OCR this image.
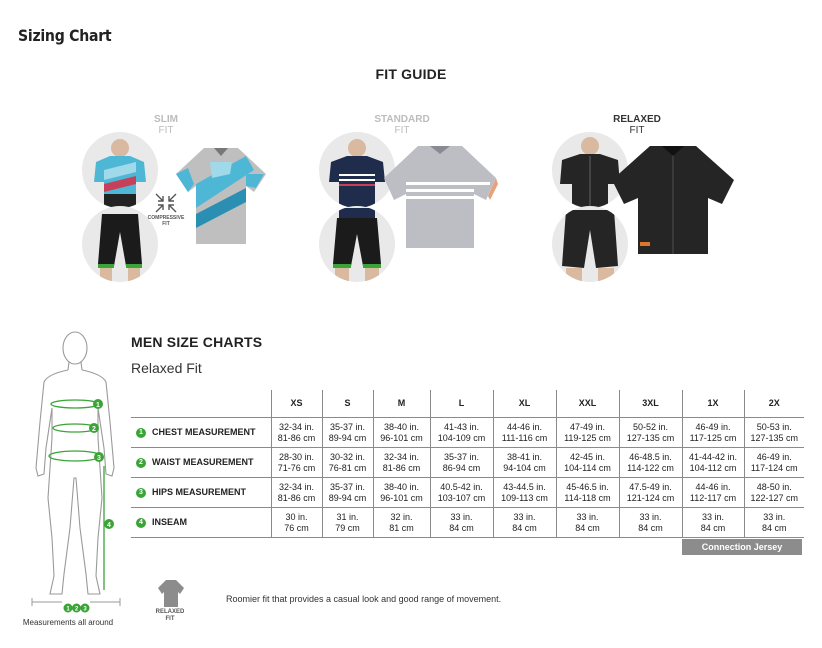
Sizing Chart
FIT GUIDE
SLIM
FIT
STANDARD
FIT
RELAXED
FIT
COMPRESSIVE
FIT
1
2
3
4
1 2 3
Measurements all around
MEN SIZE CHARTS
Relaxed Fit
	XS	S	M	L	XL	XXL	3XL	1X	2X

1 CHEST MEASUREMENT	32-34 in.
81-86 cm	35-37 in.
89-94 cm	38-40 in.
96-101 cm	41-43 in.
104-109 cm	44-46 in.
111-116 cm	47-49 in.
119-125 cm	50-52 in.
127-135 cm	46-49 in.
117-125 cm	50-53 in.
127-135 cm

2 WAIST MEASUREMENT	28-30 in.
71-76 cm	30-32 in.
76-81 cm	32-34 in.
81-86 cm	35-37 in.
86-94 cm	38-41 in.
94-104 cm	42-45 in.
104-114 cm	46-48.5 in.
114-122 cm	41-44-42 in.
104-112 cm	46-49 in.
117-124 cm

3 HIPS MEASUREMENT	32-34 in.
81-86 cm	35-37 in.
89-94 cm	38-40 in.
96-101 cm	40.5-42 in.
103-107 cm	43-44.5 in.
109-113 cm	45-46.5 in.
114-118 cm	47.5-49 in.
121-124 cm	44-46 in.
112-117 cm	48-50 in.
122-127 cm

4 INSEAM	30 in.
76 cm	31 in.
79 cm	32 in.
81 cm	33 in.
84 cm	33 in.
84 cm	33 in.
84 cm	33 in.
84 cm	33 in.
84 cm	33 in.
84 cm
Connection Jersey
RELAXED
FIT
Roomier fit that provides a casual look and good range of movement.
